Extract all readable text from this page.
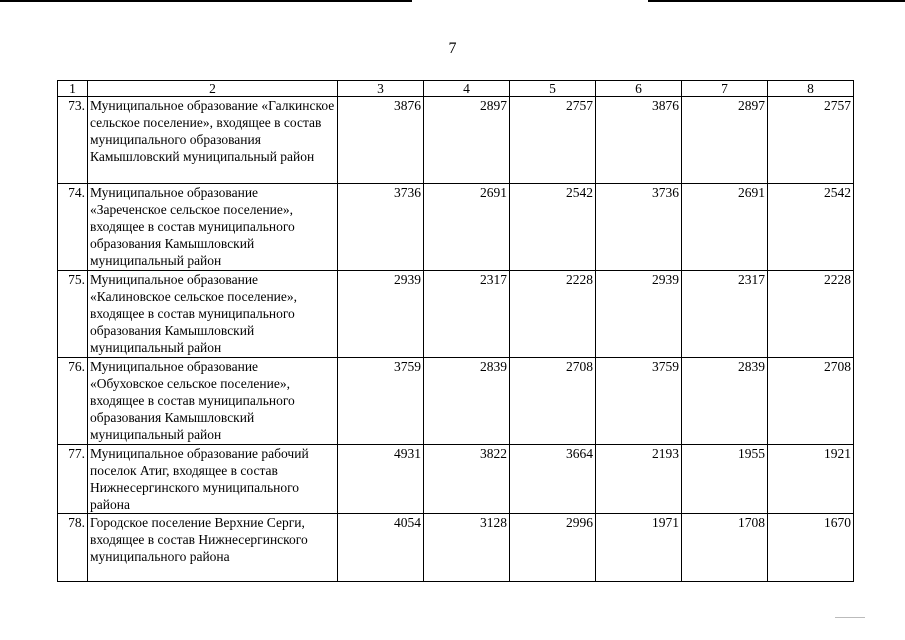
7
1	2	3	4	5	6	7	8
73.	Муниципальное образование «Галкинское сельское поселение», входящее в состав муниципального образования Камышловский муниципальный район	3876	2897	2757	3876	2897	2757
74.	Муниципальное образование «Зареченское сельское поселение», входящее в состав муниципального образования Камышловский муниципальный район	3736	2691	2542	3736	2691	2542
75.	Муниципальное образование «Калиновское сельское поселение», входящее в состав муниципального образования Камышловский муниципальный район	2939	2317	2228	2939	2317	2228
76.	Муниципальное образование «Обуховское сельское поселение», входящее в состав муниципального образования Камышловский муниципальный район	3759	2839	2708	3759	2839	2708
77.	Муниципальное образование рабочий поселок Атиг, входящее в состав Нижнесергинского муниципального района	4931	3822	3664	2193	1955	1921
78.	Городское поселение Верхние Серги, входящее в состав Нижнесергинского муниципального района	4054	3128	2996	1971	1708	1670
